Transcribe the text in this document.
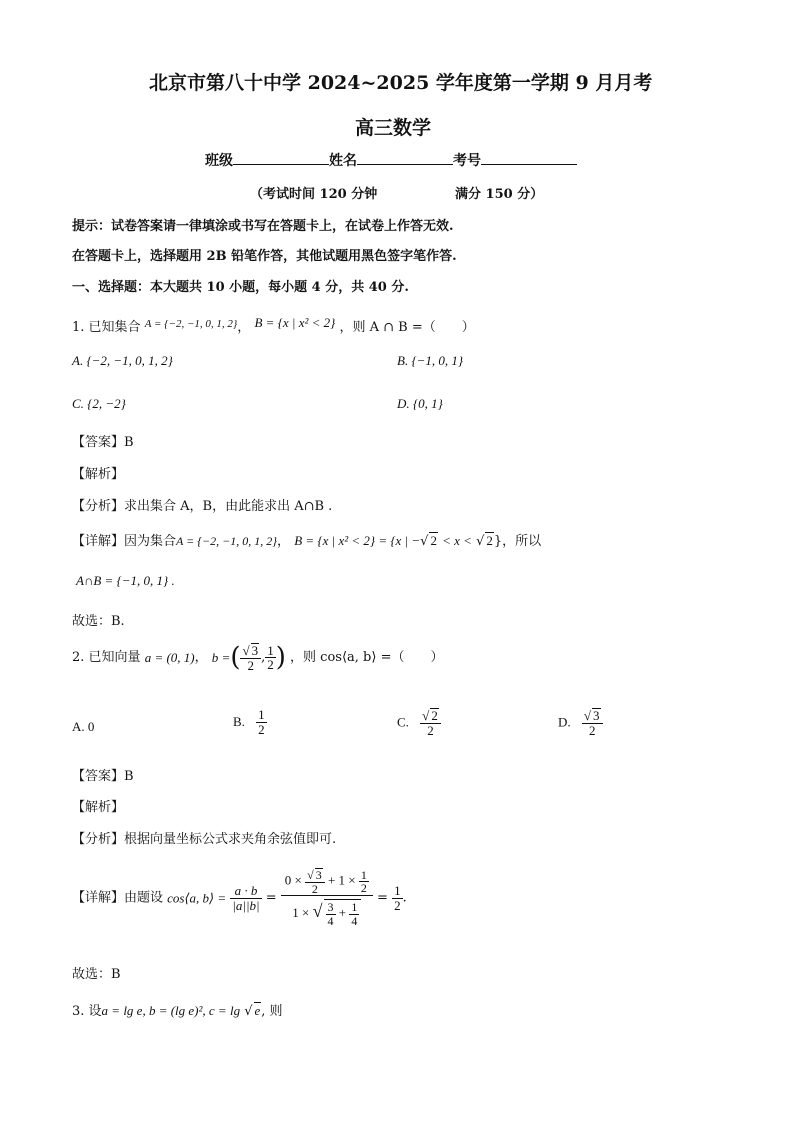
北京市第八十中学 2024~2025 学年度第一学期 9 月月考
高三数学
班级	姓名	考号
（考试时间 120 分钟	满分 150 分）
提示：试卷答案请一律填涂或书写在答题卡上，在试卷上作答无效.
在答题卡上，选择题用 2B 铅笔作答，其他试题用黑色签字笔作答.
一、选择题：本大题共 10 小题，每小题 4 分，共 40 分.
1. 已知集合 $^{A = \{-2, -1, 0, 1, 2\}}$， B = {x | x² < 2} ，则 A ∩ B =（　　）
A. {−2, −1, 0, 1, 2}	B. {−1, 0, 1}
C. {2, −2}	D. {0, 1}
【答案】B
【解析】
【分析】求出集合 A，B，由此能求出 A∩B .
【详解】因为集合A = {−2, −1, 0, 1, 2}， B = {x | x² < 2} = {x | −√ 2 < x < √ 2}，所以
A∩B = {−1, 0, 1} .
故选：B.
2. 已知向量 a = (0, 1)， b =( $\frac{√ 3}{2}$ , $\frac{1}{2}$ ) ，则 cos⟨a, b⟩ =（　　）
A. 0	B. $\frac{1}{2}$	C. $\frac{√ 2}{2}$	D. $\frac{√ 3}{2}$
【答案】B
【解析】
【分析】根据向量坐标公式求夹角余弦值即可.
【详解】由题设 cos⟨a, b⟩ = $\frac{a \cdot b}{|a||b|} = \frac{0 \times \frac{√ 3}{2} + 1 \times \frac{1}{2}}{1 \times √ \frac{3}{4} + \frac{1}{4}} = \frac{1}{2}$ .
故选：B
3. 设a = lg e, b = (lg e)², c = lg √ e, 则
